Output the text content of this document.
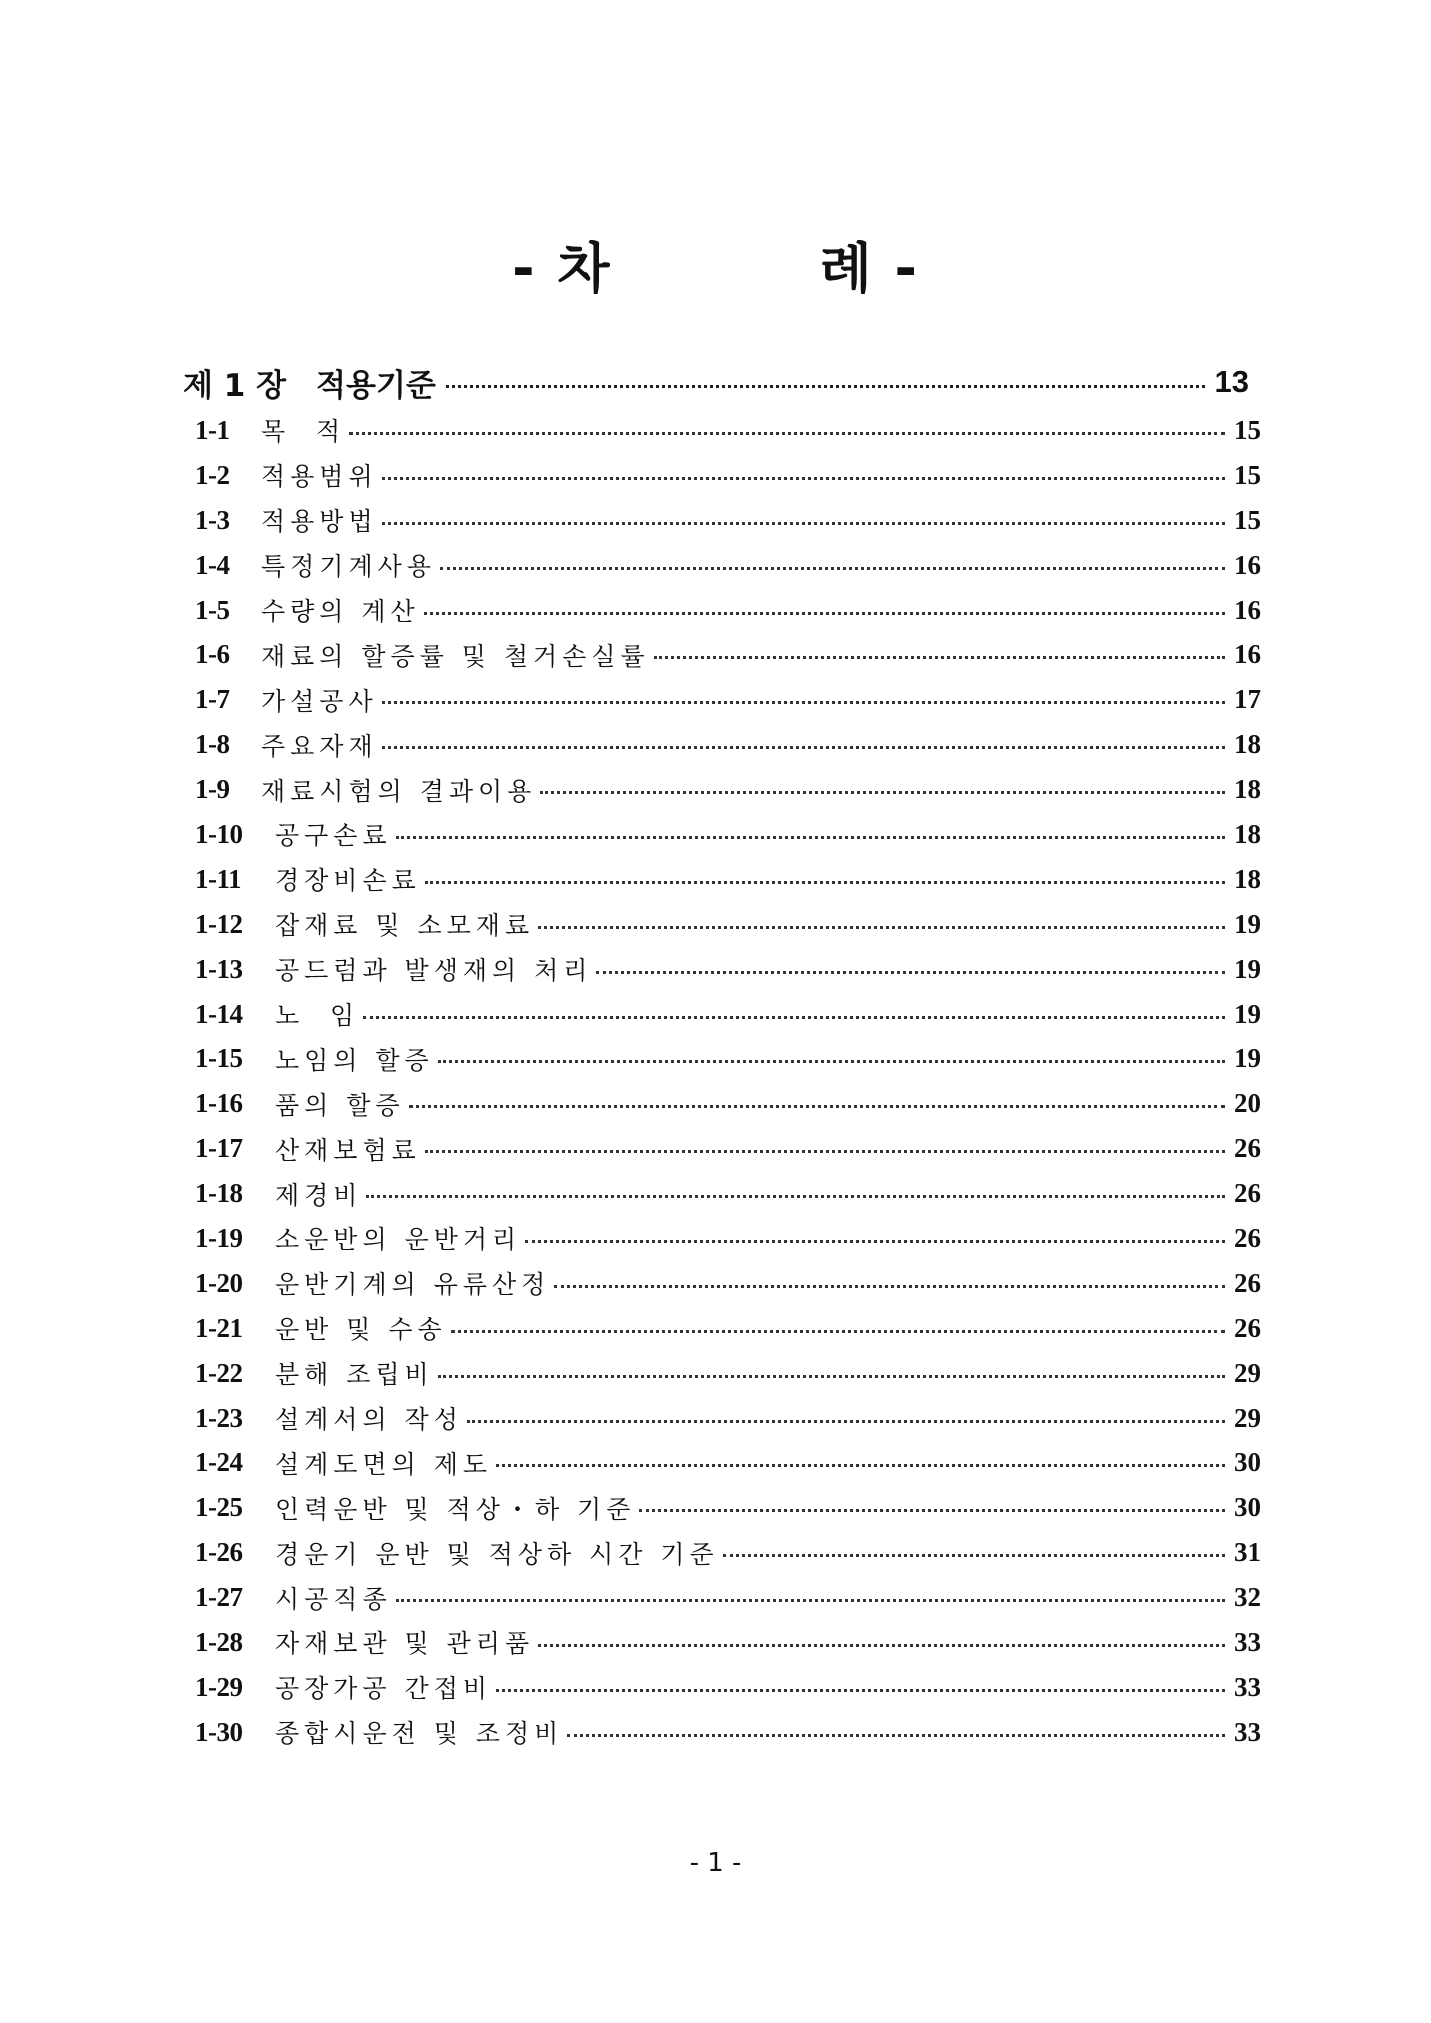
- 차          례 -
제 1 장 적용기준	13
1-1	목  적	15
1-2	적용범위	15
1-3	적용방법	15
1-4	특정기계사용	16
1-5	수량의 계산	16
1-6	재료의 할증률 및 철거손실률	16
1-7	가설공사	17
1-8	주요자재	18
1-9	재료시험의 결과이용	18
1-10	공구손료	18
1-11	경장비손료	18
1-12	잡재료 및 소모재료	19
1-13	공드럼과 발생재의 처리	19
1-14	노  임	19
1-15	노임의 할증	19
1-16	품의 할증	20
1-17	산재보험료	26
1-18	제경비	26
1-19	소운반의 운반거리	26
1-20	운반기계의 유류산정	26
1-21	운반 및 수송	26
1-22	분해 조립비	29
1-23	설계서의 작성	29
1-24	설계도면의 제도	30
1-25	인력운반 및 적상・하 기준	30
1-26	경운기 운반 및 적상하 시간 기준	31
1-27	시공직종	32
1-28	자재보관 및 관리품	33
1-29	공장가공 간접비	33
1-30	종합시운전 및 조정비	33
- 1 -
